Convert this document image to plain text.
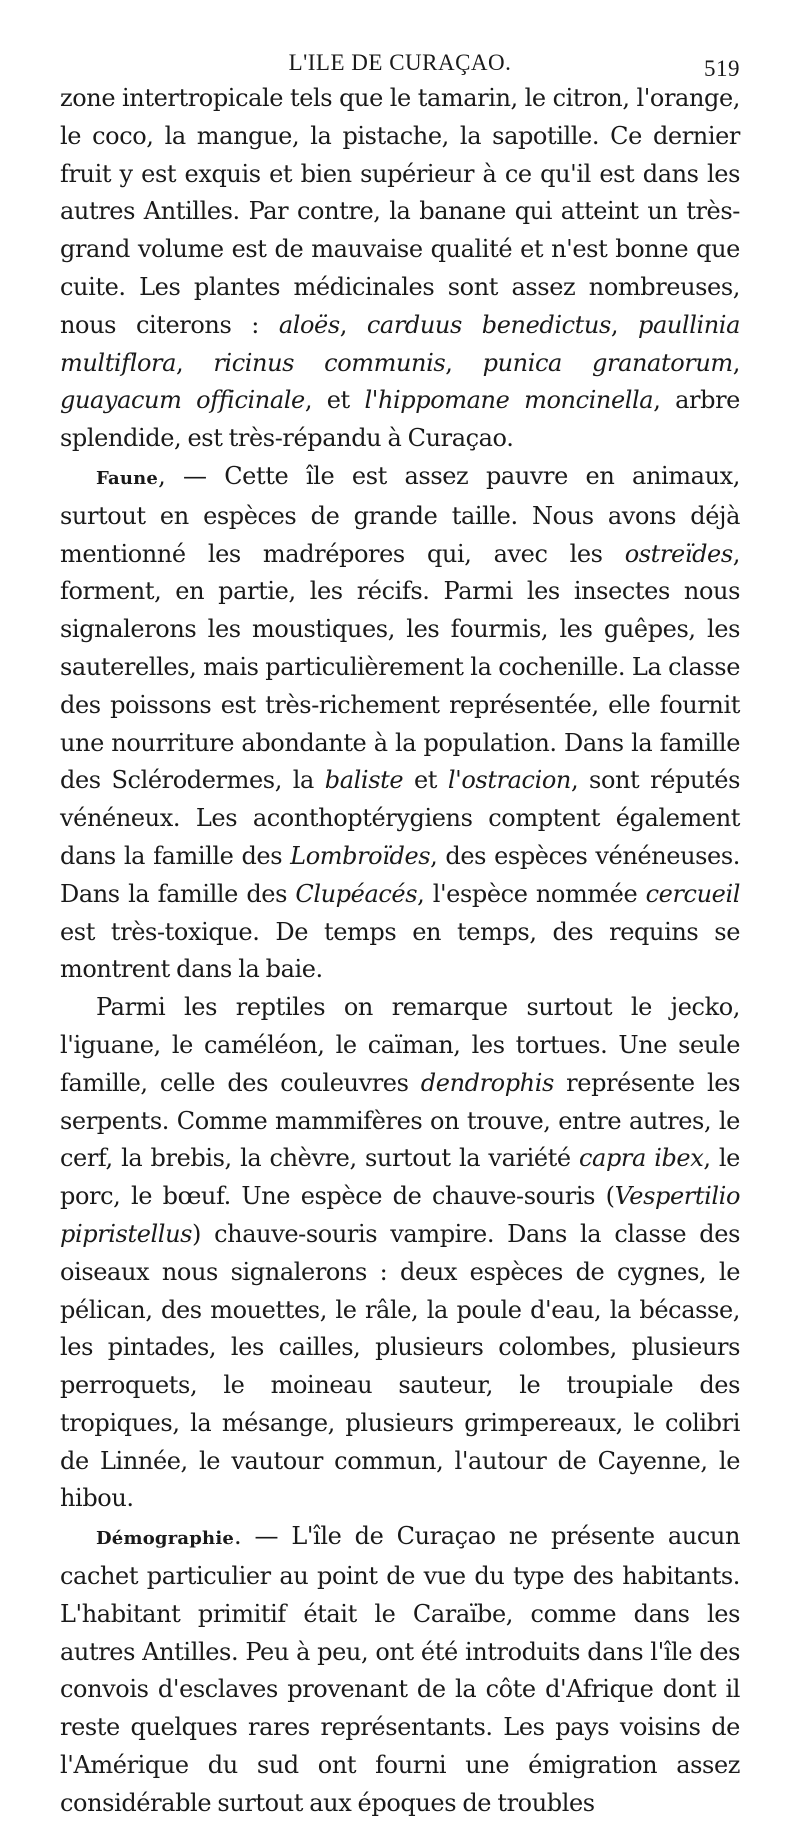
L'ILE DE CURAÇAO.	519

zone intertropicale tels que le tamarin, le citron, l'orange, le coco, la mangue, la pistache, la sapotille. Ce dernier fruit y est exquis et bien supérieur à ce qu'il est dans les autres Antilles. Par contre, la banane qui atteint un très-grand volume est de mauvaise qualité et n'est bonne que cuite. Les plantes médicinales sont assez nombreuses, nous citerons : aloës, carduus benedictus, paullinia multiflora, ricinus communis, punica granatorum, guayacum officinale, et l'hippomane moncinella, arbre splendide, est très-répandu à Curaçao.

Faune, — Cette île est assez pauvre en animaux, surtout en espèces de grande taille. Nous avons déjà mentionné les madrépores qui, avec les ostreïdes, forment, en partie, les récifs. Parmi les insectes nous signalerons les moustiques, les fourmis, les guêpes, les sauterelles, mais particulièrement la cochenille. La classe des poissons est très-richement représentée, elle fournit une nourriture abondante à la population. Dans la famille des Sclérodermes, la baliste et l'ostracion, sont réputés vénéneux. Les aconthoptérygiens comptent également dans la famille des Lombroïdes, des espèces vénéneuses. Dans la famille des Clupéacés, l'espèce nommée cercueil est très-toxique. De temps en temps, des requins se montrent dans la baie.

Parmi les reptiles on remarque surtout le jecko, l'iguane, le caméléon, le caïman, les tortues. Une seule famille, celle des couleuvres dendrophis représente les serpents. Comme mammifères on trouve, entre autres, le cerf, la brebis, la chèvre, surtout la variété capra ibex, le porc, le bœuf. Une espèce de chauve-souris (Vespertilio pipristellus) chauve-souris vampire. Dans la classe des oiseaux nous signalerons : deux espèces de cygnes, le pélican, des mouettes, le râle, la poule d'eau, la bécasse, les pintades, les cailles, plusieurs colombes, plusieurs perroquets, le moineau sauteur, le troupiale des tropiques, la mésange, plusieurs grimpereaux, le colibri de Linnée, le vautour commun, l'autour de Cayenne, le hibou.

Démographie. — L'île de Curaçao ne présente aucun cachet particulier au point de vue du type des habitants. L'habitant primitif était le Caraïbe, comme dans les autres Antilles. Peu à peu, ont été introduits dans l'île des convois d'esclaves provenant de la côte d'Afrique dont il reste quelques rares représentants. Les pays voisins de l'Amérique du sud ont fourni une émigration assez considérable surtout aux époques de troubles
